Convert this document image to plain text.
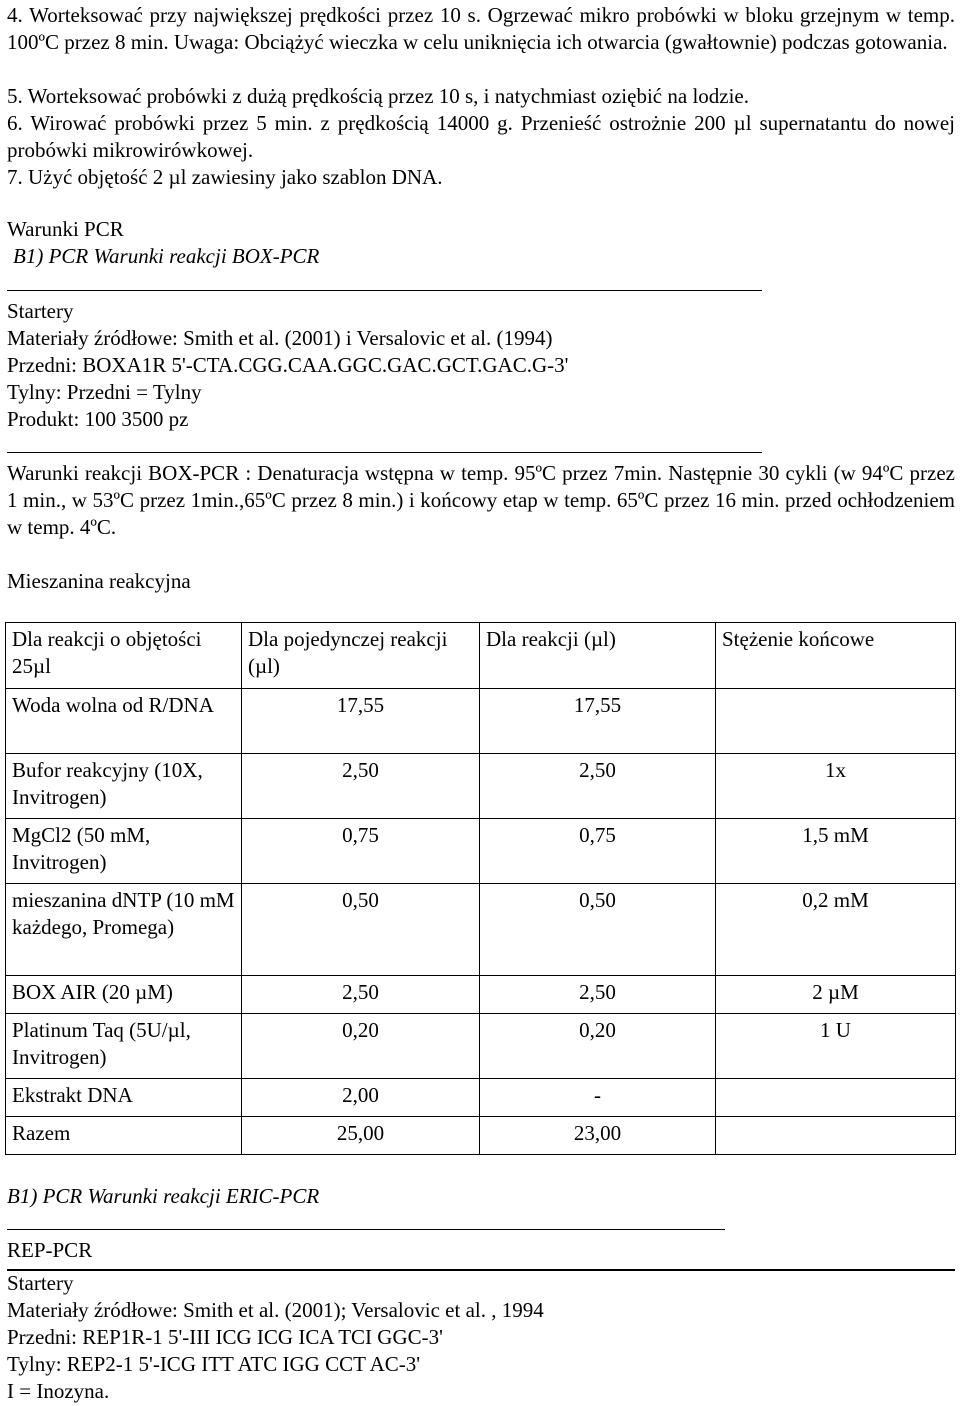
4. Worteksować przy największej prędkości przez 10 s. Ogrzewać mikro probówki w bloku grzejnym w temp. 100ºC przez 8 min. Uwaga: Obciążyć wieczka w celu uniknięcia ich otwarcia (gwałtownie) podczas gotowania.

5. Worteksować probówki z dużą prędkością przez 10 s, i natychmiast oziębić na lodzie.

6. Wirować probówki przez 5 min. z prędkością 14000 g. Przenieść ostrożnie 200 µl supernatantu do nowej probówki mikrowirówkowej.

7. Użyć objętość 2 µl zawiesiny jako szablon DNA.

Warunki PCR

B1) PCR Warunki reakcji BOX-PCR

Startery

Materiały źródłowe: Smith et al. (2001) i Versalovic et al. (1994)

Przedni: BOXA1R 5'-CTA.CGG.CAA.GGC.GAC.GCT.GAC.G-3'

Tylny: Przedni = Tylny

Produkt: 100 3500 pz

Warunki reakcji BOX-PCR : Denaturacja wstępna w temp. 95ºC przez 7min. Następnie 30 cykli (w 94ºC przez 1 min., w 53ºC przez 1min.,65ºC przez 8 min.) i końcowy etap w temp. 65ºC przez 16 min. przed ochłodzeniem w temp. 4ºC.

Mieszanina reakcyjna

Dla reakcji o objętości 25µl	Dla pojedynczej reakcji (µl)	Dla reakcji (µl)	Stężenie końcowe
Woda wolna od R/DNA	17,55	17,55	
Bufor reakcyjny (10X, Invitrogen)	2,50	2,50	1x
MgCl2 (50 mM, Invitrogen)	0,75	0,75	1,5 mM
mieszanina dNTP (10 mM każdego, Promega)	0,50	0,50	0,2 mM
BOX AIR (20 µM)	2,50	2,50	2 µM
Platinum Taq (5U/µl, Invitrogen)	0,20	0,20	1 U
Ekstrakt DNA	2,00	-	
Razem	25,00	23,00	

B1) PCR Warunki reakcji ERIC-PCR

REP-PCR

Startery

Materiały źródłowe: Smith et al. (2001); Versalovic et al. , 1994

Przedni: REP1R-1 5'-III ICG ICG ICA TCI GGC-3'

Tylny: REP2-1 5'-ICG ITT ATC IGG CCT AC-3'

I = Inozyna.
